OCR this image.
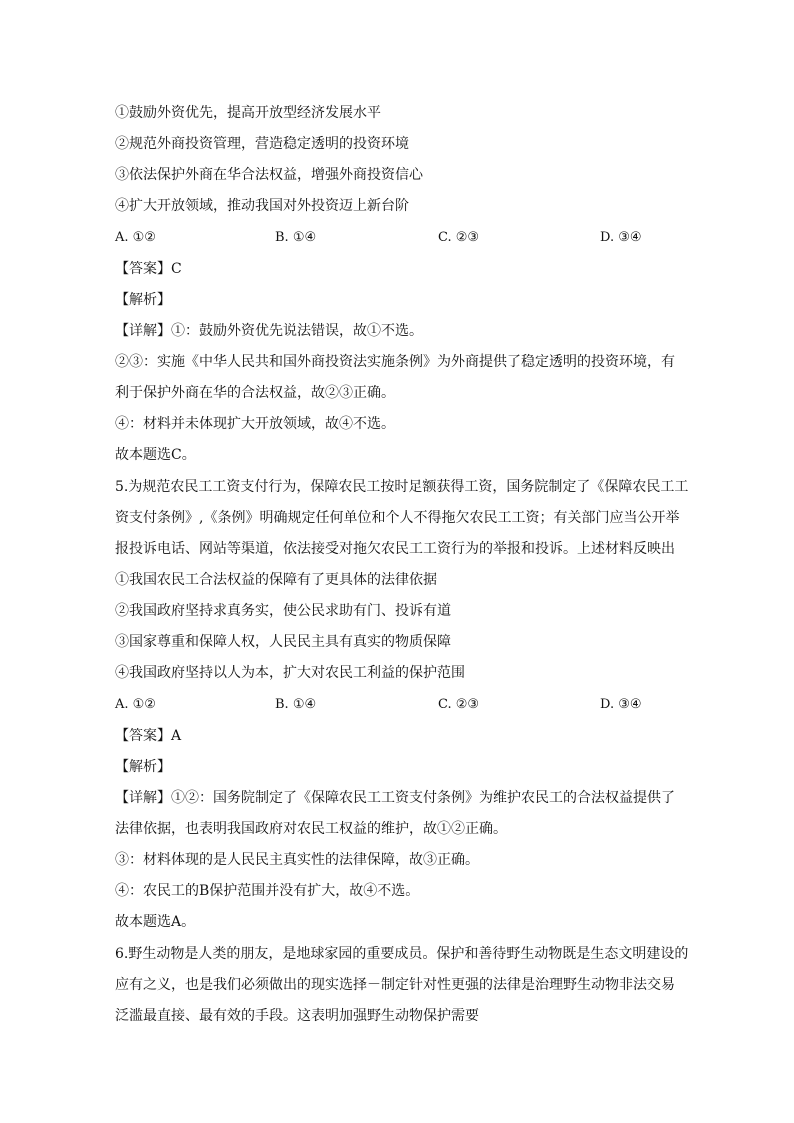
①鼓励外资优先，提高开放型经济发展水平
②规范外商投资管理，营造稳定透明的投资环境
③依法保护外商在华合法权益，增强外商投资信心
④扩大开放领域，推动我国对外投资迈上新台阶
A. ①②	B. ①④	C. ②③	D. ③④
【答案】C
【解析】
【详解】①：鼓励外资优先说法错误，故①不选。
②③：实施《中华人民共和国外商投资法实施条例》为外商提供了稳定透明的投资环境，有
利于保护外商在华的合法权益，故②③正确。
④：材料并未体现扩大开放领域，故④不选。
故本题选C。
5.为规范农民工工资支付行为，保障农民工按时足额获得工资，国务院制定了《保障农民工工
资支付条例》,《条例》明确规定任何单位和个人不得拖欠农民工工资；有关部门应当公开举
报投诉电话、网站等渠道，依法接受对拖欠农民工工资行为的举报和投诉。上述材料反映出
①我国农民工合法权益的保障有了更具体的法律依据
②我国政府坚持求真务实，使公民求助有门、投诉有道
③国家尊重和保障人权，人民民主具有真实的物质保障
④我国政府坚持以人为本，扩大对农民工利益的保护范围
A. ①②	B. ①④	C. ②③	D. ③④
【答案】A
【解析】
【详解】①②：国务院制定了《保障农民工工资支付条例》为维护农民工的合法权益提供了
法律依据，也表明我国政府对农民工权益的维护，故①②正确。
③：材料体现的是人民民主真实性的法律保障，故③正确。
④：农民工的B保护范围并没有扩大，故④不选。
故本题选A。
6.野生动物是人类的朋友，是地球家园的重要成员。保护和善待野生动物既是生态文明建设的
应有之义，也是我们必须做出的现实选择－制定针对性更强的法律是治理野生动物非法交易
泛滥最直接、最有效的手段。这表明加强野生动物保护需要
